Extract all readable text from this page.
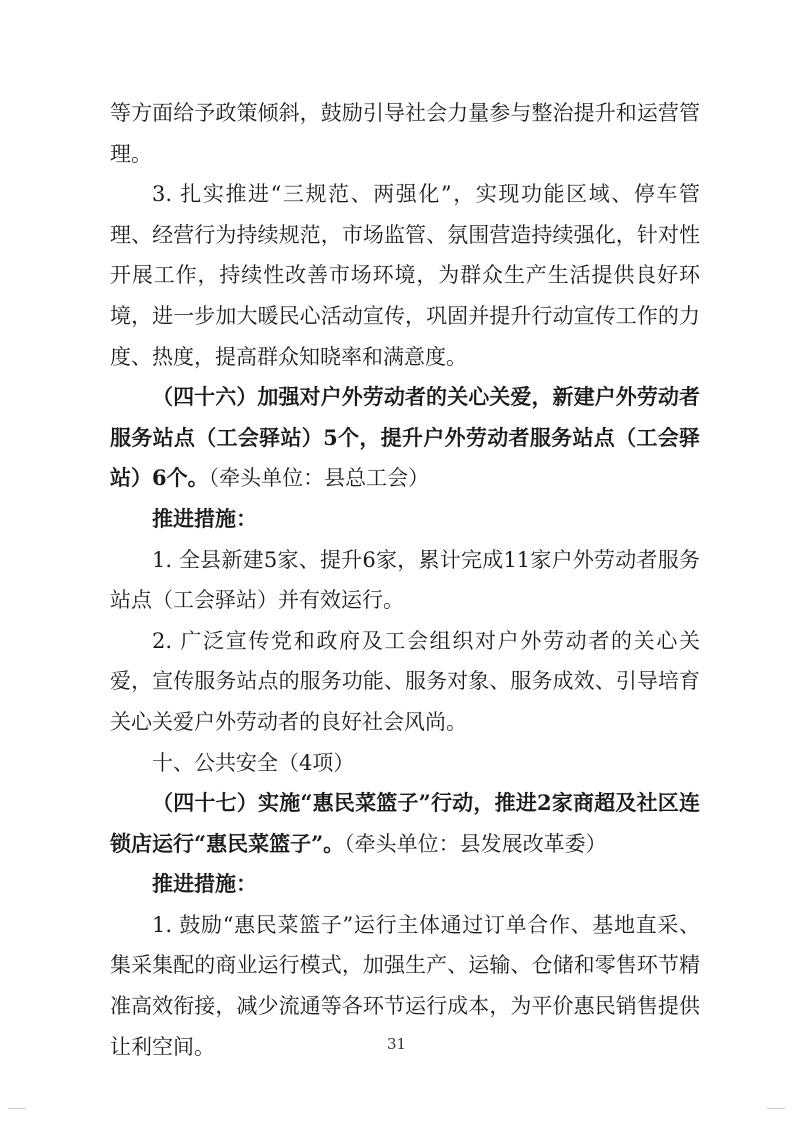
等方面给予政策倾斜，鼓励引导社会力量参与整治提升和运营管理。

3. 扎实推进“三规范、两强化”，实现功能区域、停车管理、经营行为持续规范，市场监管、氛围营造持续强化，针对性开展工作，持续性改善市场环境，为群众生产生活提供良好环境，进一步加大暖民心活动宣传，巩固并提升行动宣传工作的力度、热度，提高群众知晓率和满意度。

（四十六）加强对户外劳动者的关心关爱，新建户外劳动者服务站点（工会驿站）5个，提升户外劳动者服务站点（工会驿站）6个。（牵头单位：县总工会）

推进措施：

1. 全县新建5家、提升6家，累计完成11家户外劳动者服务站点（工会驿站）并有效运行。

2. 广泛宣传党和政府及工会组织对户外劳动者的关心关爱，宣传服务站点的服务功能、服务对象、服务成效、引导培育关心关爱户外劳动者的良好社会风尚。

十、公共安全（4项）

（四十七）实施“惠民菜篮子”行动，推进2家商超及社区连锁店运行“惠民菜篮子”。（牵头单位：县发展改革委）

推进措施：

1. 鼓励“惠民菜篮子”运行主体通过订单合作、基地直采、集采集配的商业运行模式，加强生产、运输、仓储和零售环节精准高效衔接，减少流通等各环节运行成本，为平价惠民销售提供让利空间。	31
